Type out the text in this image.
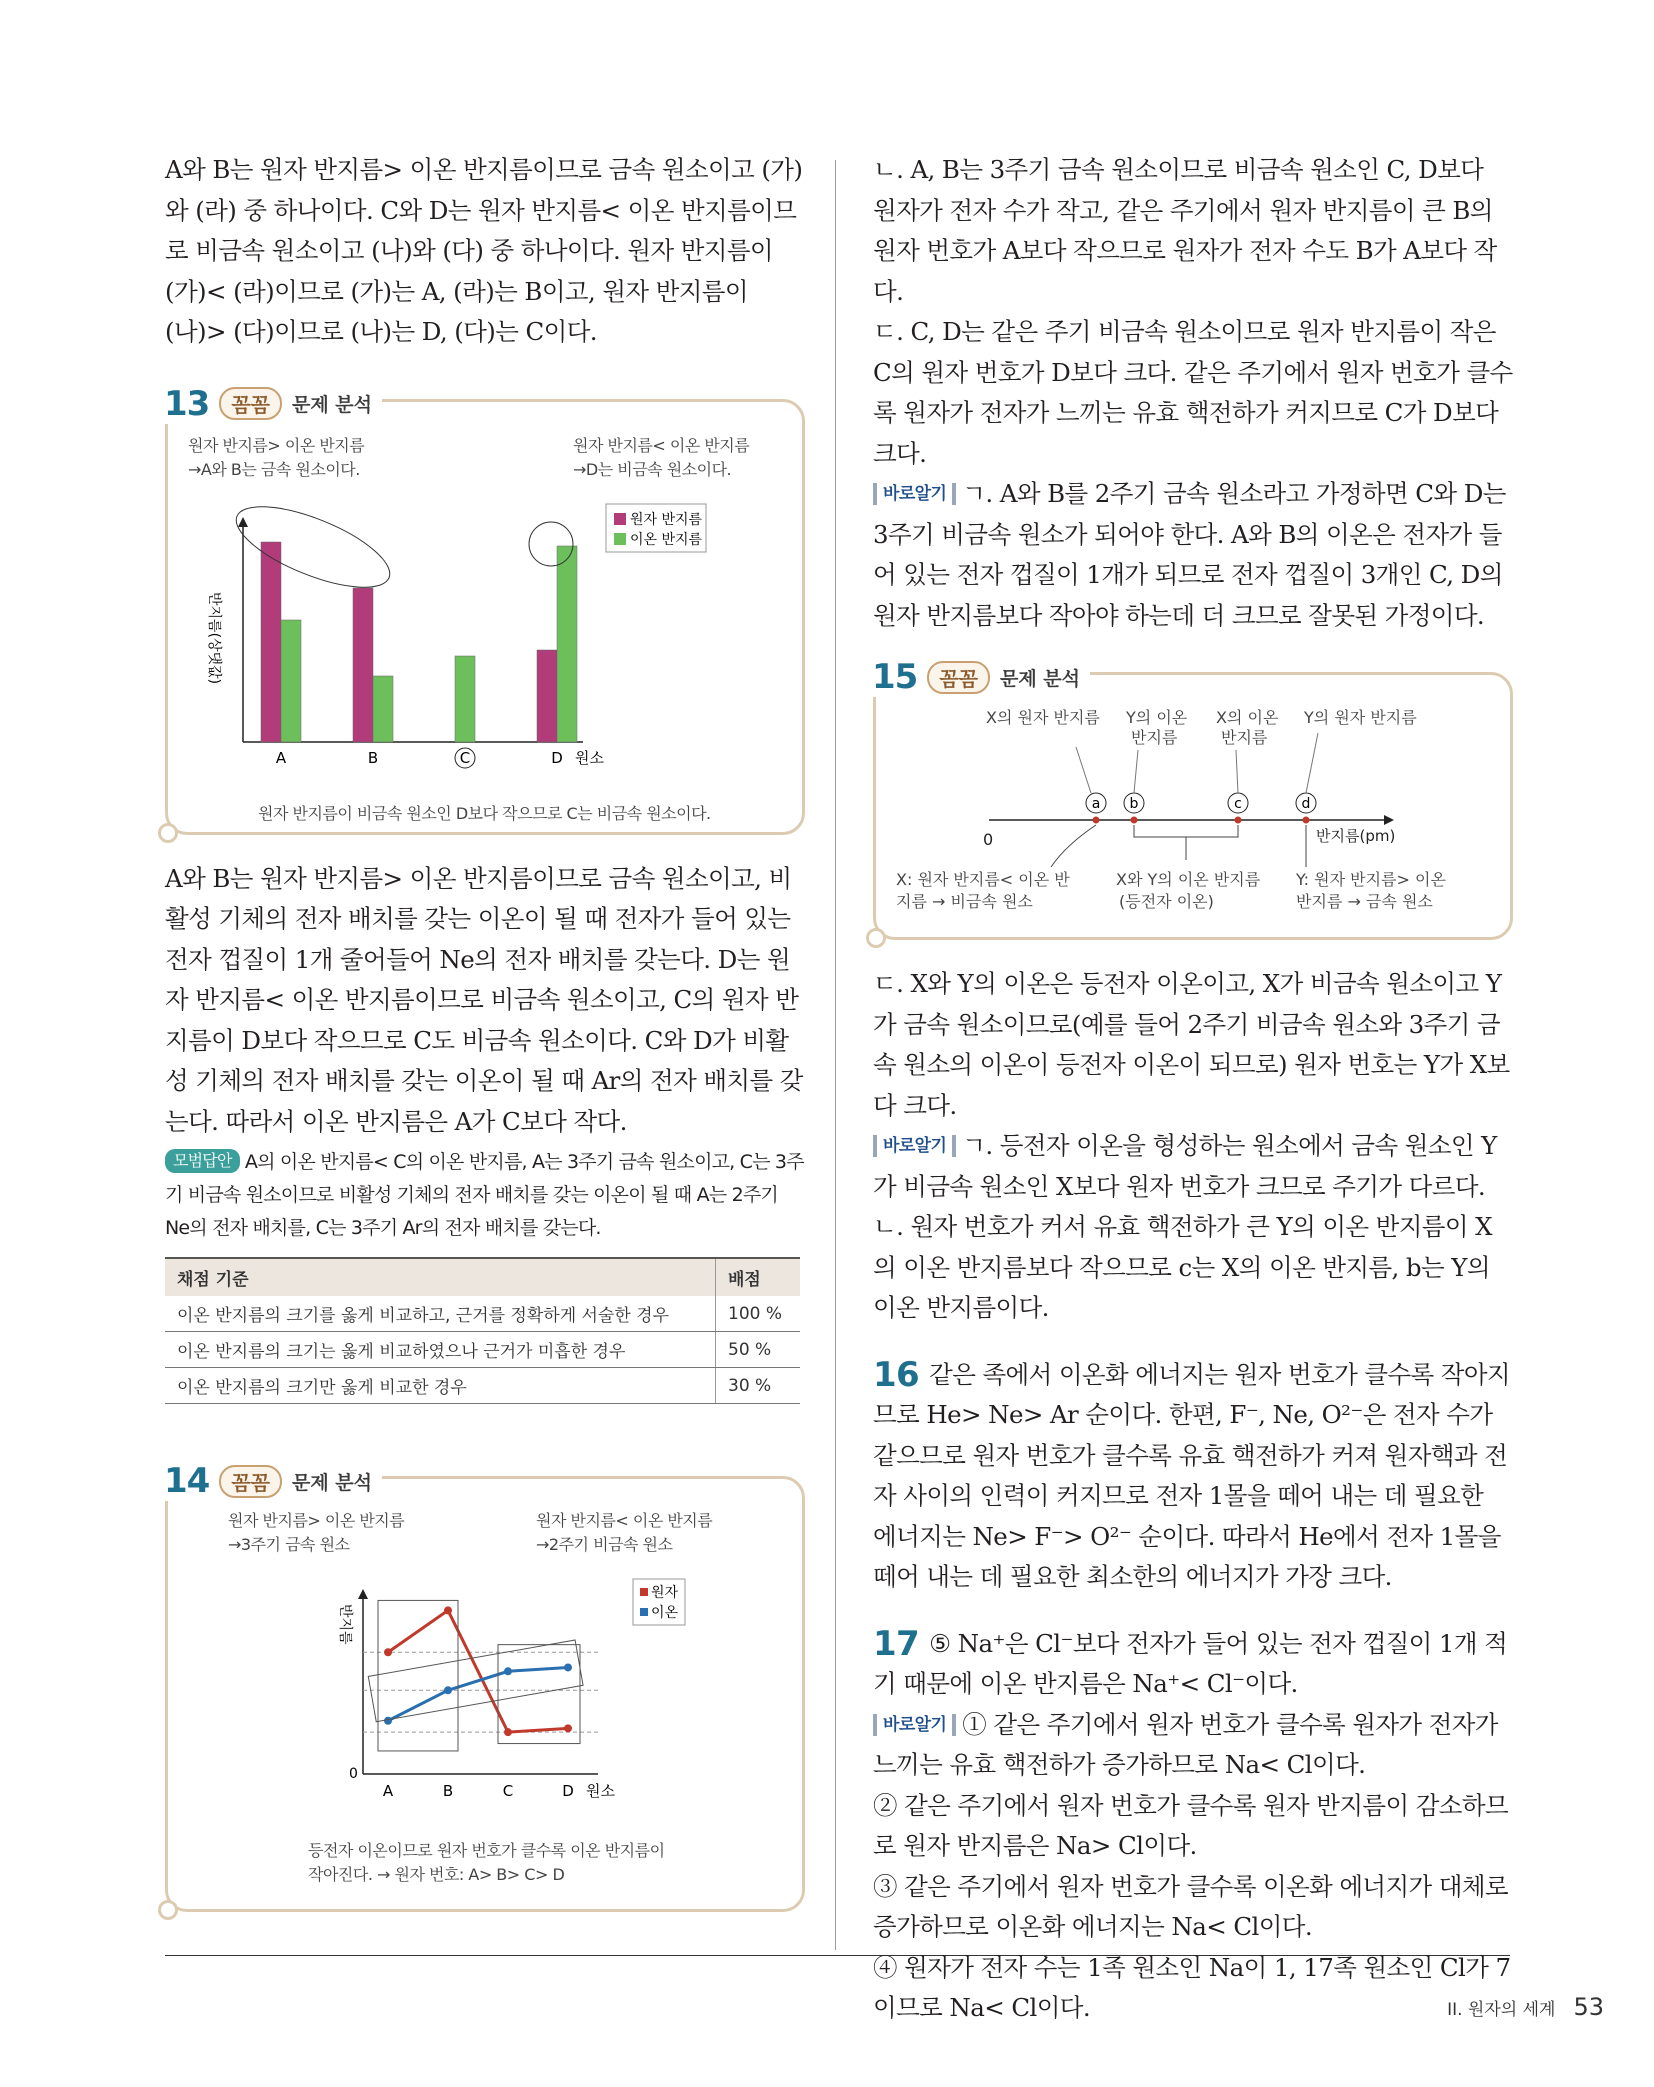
A와 B는 원자 반지름> 이온 반지름이므로 금속 원소이고 (가)와 (라) 중 하나이다. C와 D는 원자 반지름< 이온 반지름이므로 비금속 원소이고 (나)와 (다) 중 하나이다. 원자 반지름이 (가)< (라)이므로 (가)는 A, (라)는 B이고, 원자 반지름이 (나)> (다)이므로 (나)는 D, (다)는 C이다.

13	꼼꼼	문제 분석
원자 반지름> 이온 반지름
→A와 B는 금속 원소이다.
원자 반지름< 이온 반지름
→D는 비금속 원소이다.
반지름(상댓값)
A	B	C	D 원소
원자 반지름
이온 반지름
원자 반지름이 비금속 원소인 D보다 작으므로 C는 비금속 원소이다.

A와 B는 원자 반지름> 이온 반지름이므로 금속 원소이고, 비활성 기체의 전자 배치를 갖는 이온이 될 때 전자가 들어 있는 전자 껍질이 1개 줄어들어 Ne의 전자 배치를 갖는다. D는 원자 반지름< 이온 반지름이므로 비금속 원소이고, C의 원자 반지름이 D보다 작으므로 C도 비금속 원소이다. C와 D가 비활성 기체의 전자 배치를 갖는 이온이 될 때 Ar의 전자 배치를 갖는다. 따라서 이온 반지름은 A가 C보다 작다.

모범답안 A의 이온 반지름< C의 이온 반지름, A는 3주기 금속 원소이고, C는 3주기 비금속 원소이므로 비활성 기체의 전자 배치를 갖는 이온이 될 때 A는 2주기 Ne의 전자 배치를, C는 3주기 Ar의 전자 배치를 갖는다.
채점 기준	배점
이온 반지름의 크기를 옳게 비교하고, 근거를 정확하게 서술한 경우	100 %
이온 반지름의 크기는 옳게 비교하였으나 근거가 미흡한 경우	50 %
이온 반지름의 크기만 옳게 비교한 경우	30 %
14	꼼꼼	문제 분석
원자 반지름> 이온 반지름
→3주기 금속 원소
원자 반지름< 이온 반지름
→2주기 비금속 원소
반지름
0
A	B	C	D 원소
원자
이온
등전자 이온이므로 원자 번호가 클수록 이온 반지름이
작아진다. → 원자 번호: A> B> C> D

ㄴ. A, B는 3주기 금속 원소이므로 비금속 원소인 C, D보다 원자가 전자 수가 작고, 같은 주기에서 원자 반지름이 큰 B의 원자 번호가 A보다 작으므로 원자가 전자 수도 B가 A보다 작다.

ㄷ. C, D는 같은 주기 비금속 원소이므로 원자 반지름이 작은 C의 원자 번호가 D보다 크다. 같은 주기에서 원자 번호가 클수록 원자가 전자가 느끼는 유효 핵전하가 커지므로 C가 D보다 크다.

바로알기 ㄱ. A와 B를 2주기 금속 원소라고 가정하면 C와 D는 3주기 비금속 원소가 되어야 한다. A와 B의 이온은 전자가 들어 있는 전자 껍질이 1개가 되므로 전자 껍질이 3개인 C, D의 원자 반지름보다 작아야 하는데 더 크므로 잘못된 가정이다.

15	꼼꼼	문제 분석
X의 원자 반지름 Y의 이온
반지름
X의 이온
반지름
Y의 원자 반지름
0	반지름(pm)
a b	c	d
X: 원자 반지름< 이온 반
지름 → 비금속 원소
X와 Y의 이온 반지름
(등전자 이온)
Y: 원자 반지름> 이온
반지름 → 금속 원소

ㄷ. X와 Y의 이온은 등전자 이온이고, X가 비금속 원소이고 Y가 금속 원소이므로(예를 들어 2주기 비금속 원소와 3주기 금속 원소의 이온이 등전자 이온이 되므로) 원자 번호는 Y가 X보다 크다.

바로알기 ㄱ. 등전자 이온을 형성하는 원소에서 금속 원소인 Y가 비금속 원소인 X보다 원자 번호가 크므로 주기가 다르다.

ㄴ. 원자 번호가 커서 유효 핵전하가 큰 Y의 이온 반지름이 X의 이온 반지름보다 작으므로 c는 X의 이온 반지름, b는 Y의 이온 반지름이다.

16 같은 족에서 이온화 에너지는 원자 번호가 클수록 작아지므로 He> Ne> Ar 순이다. 한편, F⁻, Ne, O²⁻은 전자 수가 같으므로 원자 번호가 클수록 유효 핵전하가 커져 원자핵과 전자 사이의 인력이 커지므로 전자 1몰을 떼어 내는 데 필요한 에너지는 Ne> F⁻> O²⁻ 순이다. 따라서 He에서 전자 1몰을 떼어 내는 데 필요한 최소한의 에너지가 가장 크다.

17 ⑤ Na⁺은 Cl⁻보다 전자가 들어 있는 전자 껍질이 1개 적기 때문에 이온 반지름은 Na⁺< Cl⁻이다.

바로알기 ① 같은 주기에서 원자 번호가 클수록 원자가 전자가 느끼는 유효 핵전하가 증가하므로 Na< Cl이다.

② 같은 주기에서 원자 번호가 클수록 원자 반지름이 감소하므로 원자 반지름은 Na> Cl이다.

③ 같은 주기에서 원자 번호가 클수록 이온화 에너지가 대체로 증가하므로 이온화 에너지는 Na< Cl이다.

④ 원자가 전자 수는 1족 원소인 Na이 1, 17족 원소인 Cl가 7이므로 Na< Cl이다.	II. 원자의 세계 53
